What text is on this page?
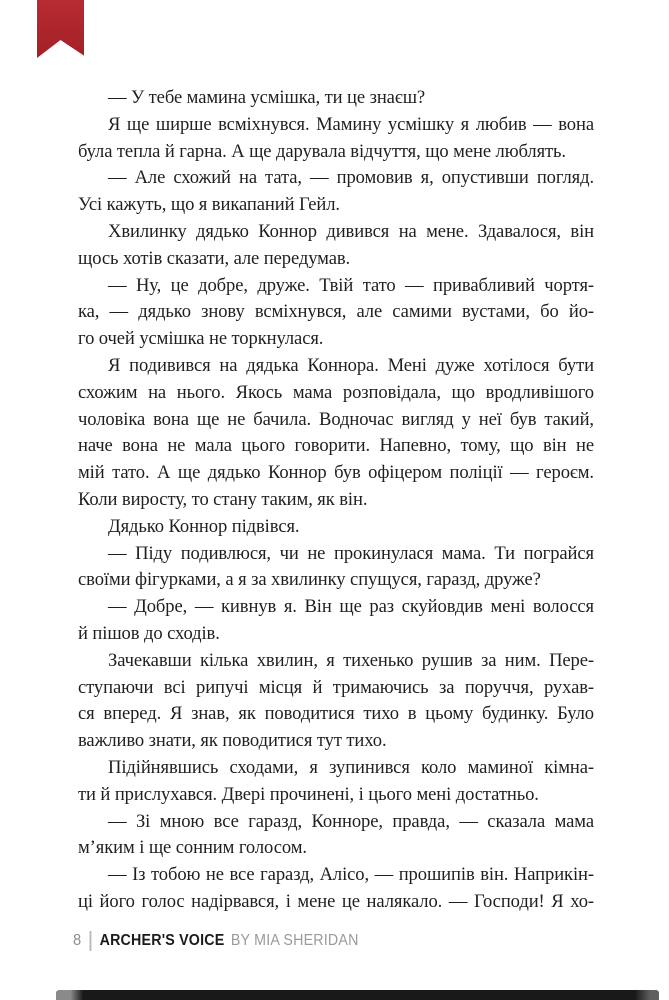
— У тебе мамина усмішка, ти це знаєш?
Я ще ширше всміхнувся. Мамину усмішку я любив — вона
була тепла й гарна. А ще дарувала відчуття, що мене люблять.
— Але схожий на тата, — промовив я, опустивши погляд.
Усі кажуть, що я викапаний Гейл.
Хвилинку дядько Коннор дивився на мене. Здавалося, він
щось хотів сказати, але передумав.
— Ну, це добре, друже. Твій тато — привабливий чортя-
ка, — дядько знову всміхнувся, але самими вустами, бо йо-
го очей усмішка не торкнулася.
Я подивився на дядька Коннора. Мені дуже хотілося бути
схожим на нього. Якось мама розповідала, що вродливішого
чоловіка вона ще не бачила. Водночас вигляд у неї був такий,
наче вона не мала цього говорити. Напевно, тому, що він не
мій тато. А ще дядько Коннор був офіцером поліції — героєм.
Коли виросту, то стану таким, як він.
Дядько Коннор підвівся.
— Піду подивлюся, чи не прокинулася мама. Ти пограйся
своїми фігурками, а я за хвилинку спущуся, гаразд, друже?
— Добре, — кивнув я. Він ще раз скуйовдив мені волосся
й пішов до сходів.
Зачекавши кілька хвилин, я тихенько рушив за ним. Пере-
ступаючи всі рипучі місця й тримаючись за поруччя, рухав-
ся вперед. Я знав, як поводитися тихо в цьому будинку. Було
важливо знати, як поводитися тут тихо.
Підійнявшись сходами, я зупинився коло маминої кімна-
ти й прислухався. Двері прочинені, і цього мені достатньо.
— Зі мною все гаразд, Конноре, правда, — сказала мама
м’яким і ще сонним голосом.
— Із тобою не все гаразд, Алісо, — прошипів він. Наприкін-
ці його голос надірвався, і мене це налякало. — Господи! Я хо-
8 ARCHER'S VOICE BY MIA SHERIDAN
